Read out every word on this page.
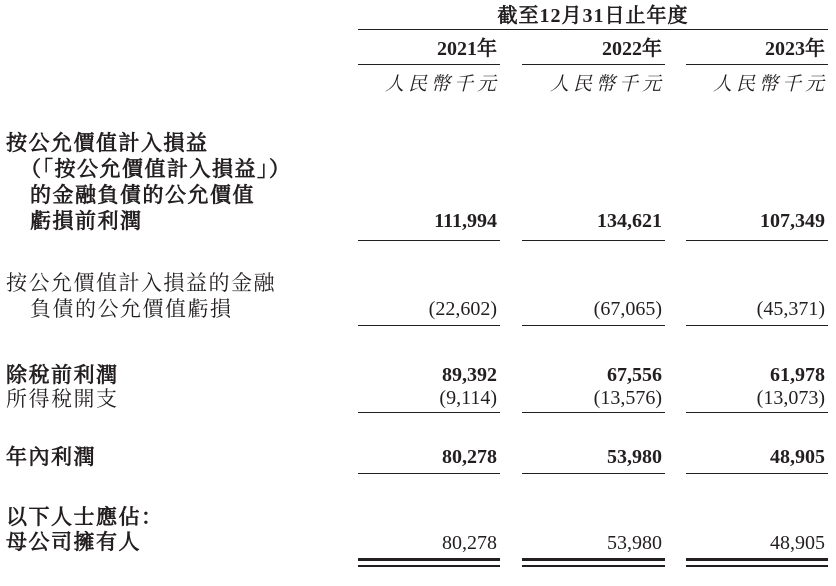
截至12月31日止年度
2021年	2022年	2023年
人民幣千元	人民幣千元	人民幣千元
按公允價值計入損益
（「按公允價值計入損益」）
的金融負債的公允價值
虧損前利潤	111,994	134,621	107,349
按公允價值計入損益的金融
負債的公允價值虧損	(22,602)	(67,065)	(45,371)
除稅前利潤	89,392	67,556	61,978
所得稅開支	(9,114)	(13,576)	(13,073)
年內利潤	80,278	53,980	48,905
以下人士應佔：
母公司擁有人	80,278	53,980	48,905
